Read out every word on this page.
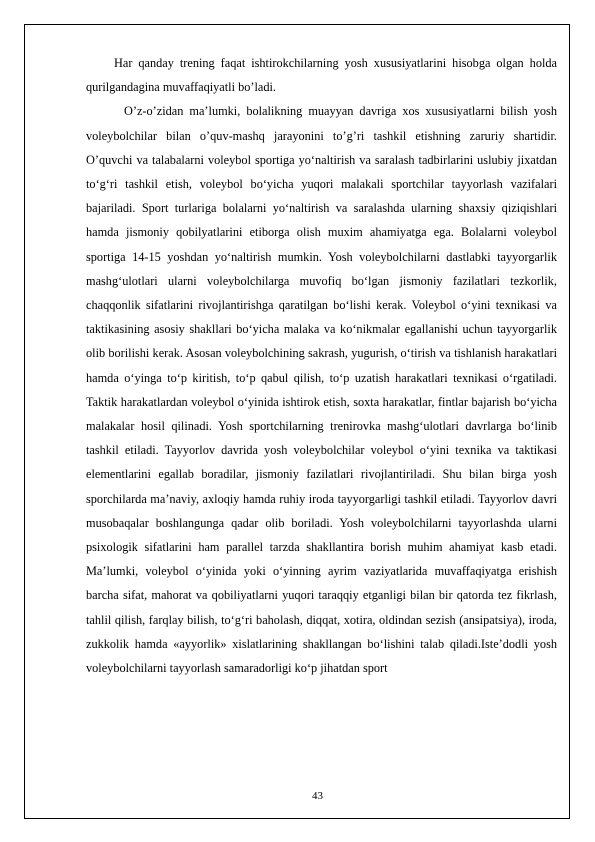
Har qanday trening faqat ishtirokchilarning yosh xususiyatlarini hisobga olgan holda qurilgandagina muvaffaqiyatli bo’ladi.

O’z-o’zidan ma’lumki, bolalikning muayyan davriga xos xususiyatlarni bilish yosh voleybolchilar bilan o’quv-mashq jarayonini to’g’ri tashkil etishning zaruriy shartidir. O’quvchi va talabalarni voleybol sportiga yo‘naltirish va saralash tadbirlarini uslubiy jixatdan to‘g‘ri tashkil etish, voleybol bo‘yicha yuqori malakali sportchilar tayyorlash vazifalari bajariladi. Sport turlariga bolalarni yo‘naltirish va saralashda ularning shaxsiy qiziqishlari hamda jismoniy qobilyatlarini etiborga olish muxim ahamiyatga ega. Bolalarni voleybol sportiga 14-15 yoshdan yo‘naltirish mumkin. Yosh voleybolchilarni dastlabki tayyorgarlik mashg‘ulotlari ularni voleybolchilarga muvofiq bo‘lgan jismoniy fazilatlari tezkorlik, chaqqonlik sifatlarini rivojlantirishga qaratilgan bo‘lishi kerak. Voleybol o‘yini texnikasi va taktikasining asosiy shakllari bo‘yicha malaka va ko‘nikmalar egallanishi uchun tayyorgarlik olib borilishi kerak. Asosan voleybolchining sakrash, yugurish, o‘tirish va tishlanish harakatlari hamda o‘yinga to‘p kiritish, to‘p qabul qilish, to‘p uzatish harakatlari texnikasi o‘rgatiladi. Taktik harakatlardan voleybol o‘yinida ishtirok etish, soxta harakatlar, fintlar bajarish bo‘yicha malakalar hosil qilinadi. Yosh sportchilarning trenirovka mashg‘ulotlari davrlarga bo‘linib tashkil etiladi. Tayyorlov davrida yosh voleybolchilar voleybol o‘yini texnika va taktikasi elementlarini egallab boradilar, jismoniy fazilatlari rivojlantiriladi. Shu bilan birga yosh sporchilarda ma’naviy, axloqiy hamda ruhiy iroda tayyorgarligi tashkil etiladi. Tayyorlov davri musobaqalar boshlangunga qadar olib boriladi. Yosh voleybolchilarni tayyorlashda ularni psixologik sifatlarini ham parallel tarzda shakllantira borish muhim ahamiyat kasb etadi. Ma’lumki, voleybol o‘yinida yoki o‘yinning ayrim vaziyatlarida muvaffaqiyatga erishish barcha sifat, mahorat va qobiliyatlarni yuqori taraqqiy etganligi bilan bir qatorda tez fikrlash, tahlil qilish, farqlay bilish, to‘g‘ri baholash, diqqat, xotira, oldindan sezish (ansipatsiya), iroda, zukkolik hamda «ayyorlik» xislatlarining shakllangan bo‘lishini talab qiladi.Iste’dodli yosh voleybolchilarni tayyorlash samaradorligi ko‘p jihatdan sport

43
